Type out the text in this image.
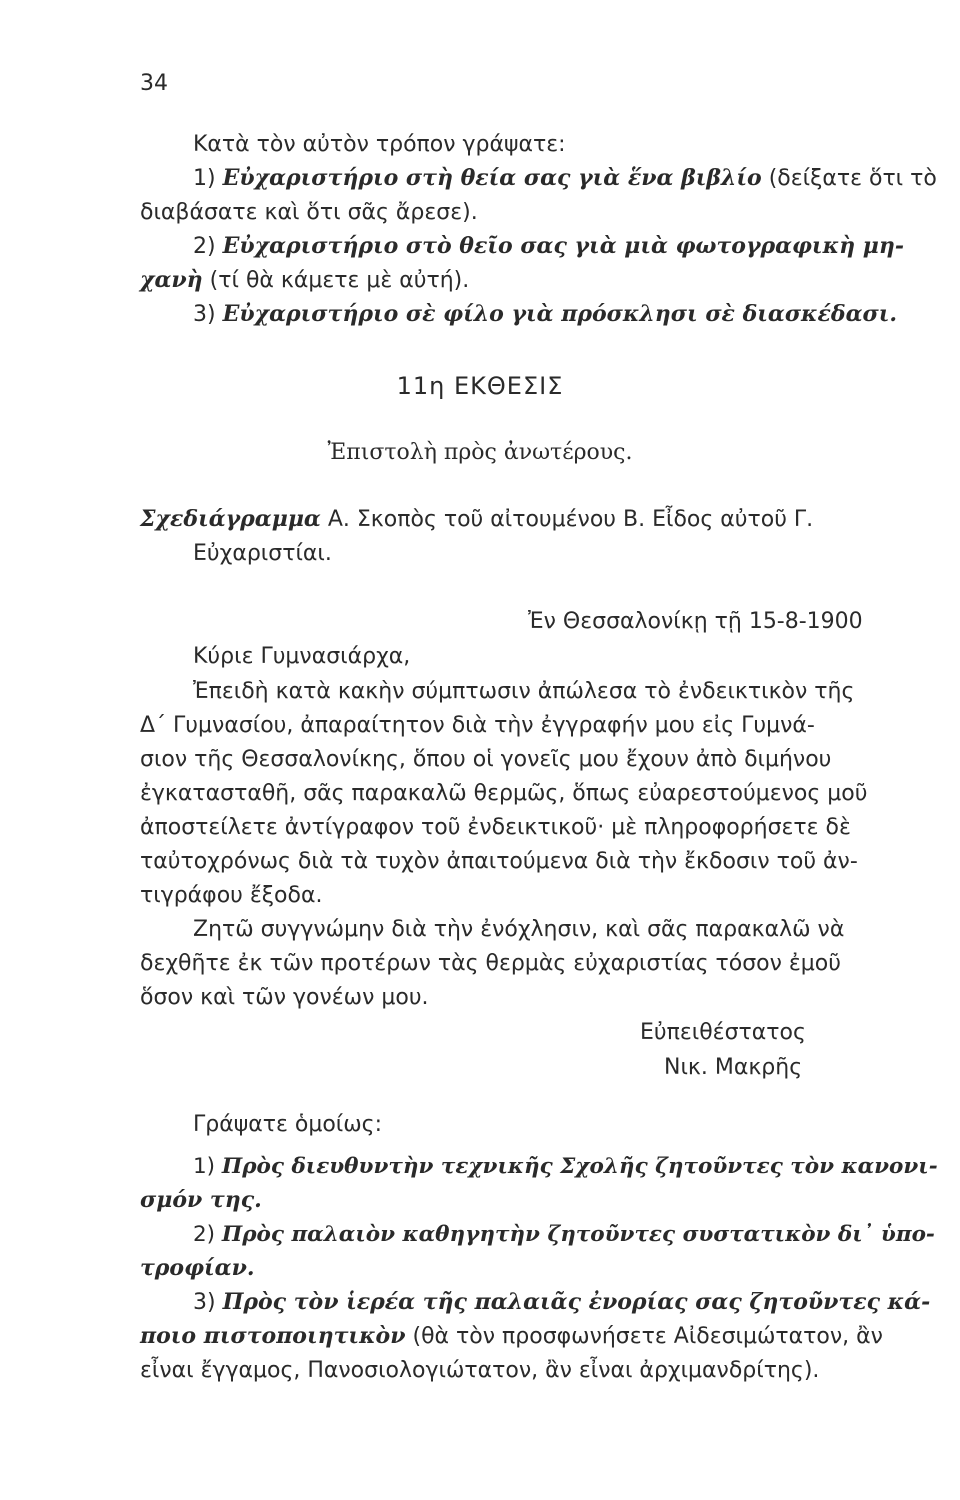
34
Κατὰ τὸν αὐτὸν τρόπον γράψατε:
1) Εὐχαριστήριο στὴ θεία σας γιὰ ἕνα βιβλίο (δείξατε ὅτι τὸ
διαβάσατε καὶ ὅτι σᾶς ἄρεσε).
2) Εὐχαριστήριο στὸ θεῖο σας γιὰ μιὰ φωτογραφικὴ μη-
χανὴ (τί θὰ κάμετε μὲ αὐτή).
3) Εὐχαριστήριο σὲ φίλο γιὰ πρόσκλησι σὲ διασκέδασι.
11η ΕΚΘΕΣΙΣ
Ἐπιστολὴ πρὸς ἀνωτέρους.
Σχεδιάγραμμα Α. Σκοπὸς τοῦ αἰτουμένου Β. Εἶδος αὐτοῦ Γ.
Εὐχαριστίαι.
Ἐν Θεσσαλονίκῃ τῇ 15-8-1900
Κύριε Γυμνασιάρχα,
Ἐπειδὴ κατὰ κακὴν σύμπτωσιν ἀπώλεσα τὸ ἐνδεικτικὸν τῆς
Δ΄ Γυμνασίου, ἀπαραίτητον διὰ τὴν ἐγγραφήν μου εἰς Γυμνά-
σιον τῆς Θεσσαλονίκης, ὅπου οἱ γονεῖς μου ἔχουν ἀπὸ διμήνου
ἐγκατασταθῆ, σᾶς παρακαλῶ θερμῶς, ὅπως εὐαρεστούμενος μοῦ
ἀποστείλετε ἀντίγραφον τοῦ ἐνδεικτικοῦ· μὲ πληροφορήσετε δὲ
ταὐτοχρόνως διὰ τὰ τυχὸν ἀπαιτούμενα διὰ τὴν ἔκδοσιν τοῦ ἀν-
τιγράφου ἔξοδα.
Ζητῶ συγγνώμην διὰ τὴν ἐνόχλησιν, καὶ σᾶς παρακαλῶ νὰ
δεχθῆτε ἐκ τῶν προτέρων τὰς θερμὰς εὐχαριστίας τόσον ἐμοῦ
ὅσον καὶ τῶν γονέων μου.
Εὐπειθέστατος
Νικ. Μακρῆς
Γράψατε ὁμοίως:
1) Πρὸς διευθυντὴν τεχνικῆς Σχολῆς ζητοῦντες τὸν κανονι-
σμόν της.
2) Πρὸς παλαιὸν καθηγητὴν ζητοῦντες συστατικὸν δι᾿ ὑπο-
τροφίαν.
3) Πρὸς τὸν ἱερέα τῆς παλαιᾶς ἐνορίας σας ζητοῦντες κά-
ποιο πιστοποιητικὸν (θὰ τὸν προσφωνήσετε Αἰδεσιμώτατον, ἂν
εἶναι ἔγγαμος, Πανοσιολογιώτατον, ἂν εἶναι ἀρχιμανδρίτης).
